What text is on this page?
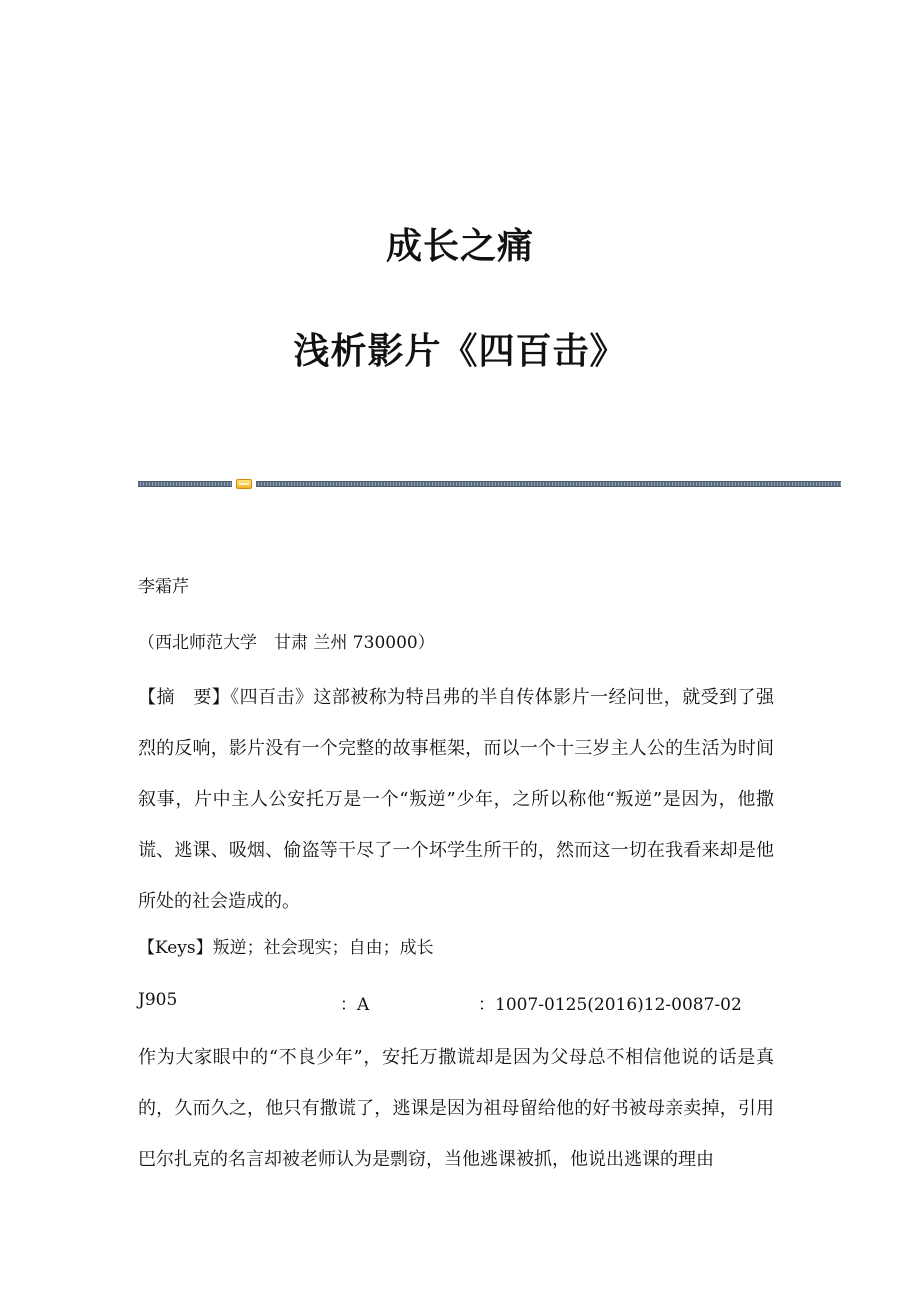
成长之痛
浅析影片《四百击》

李霜芹

（西北师范大学　甘肃 兰州 730000）

【摘　要】《四百击》这部被称为特吕弗的半自传体影片一经问世，就受到了强烈的反响，影片没有一个完整的故事框架，而以一个十三岁主人公的生活为时间叙事，片中主人公安托万是一个“叛逆”少年，之所以称他“叛逆”是因为，他撒谎、逃课、吸烟、偷盗等干尽了一个坏学生所干的，然而这一切在我看来却是他所处的社会造成的。

【Keys】叛逆；社会现实；自由；成长

J905	：A	：1007-0125(2016)12-0087-02

作为大家眼中的“不良少年”，安托万撒谎却是因为父母总不相信他说的话是真的，久而久之，他只有撒谎了，逃课是因为祖母留给他的好书被母亲卖掉，引用巴尔扎克的名言却被老师认为是剽窃，当他逃课被抓，他说出逃课的理由
